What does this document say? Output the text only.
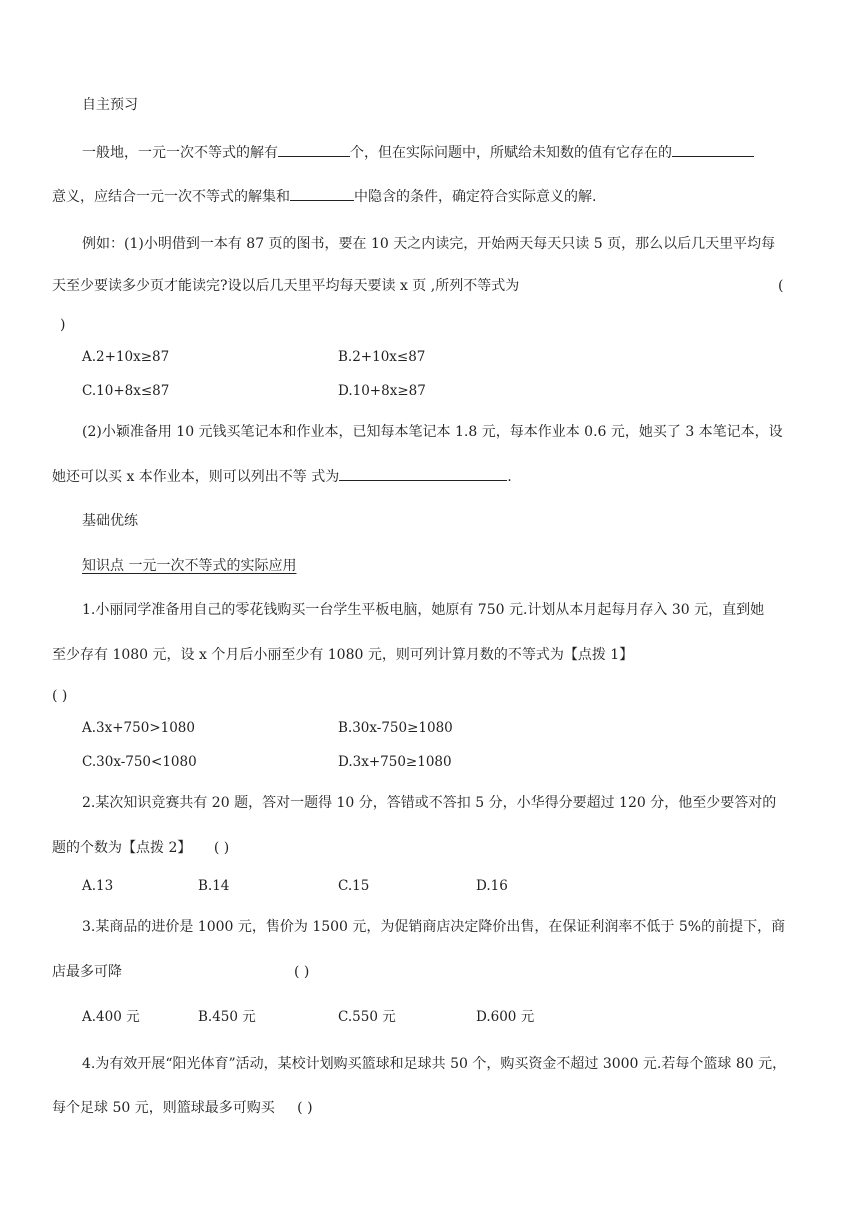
自主预习
一般地，一元一次不等式的解有	个，但在实际问题中，所赋给未知数的值有它存在的
意义，应结合一元一次不等式的解集和	中隐含的条件，确定符合实际意义的解.
例如：(1)小明借到一本有 87 页的图书，要在 10 天之内读完，开始两天每天只读 5 页，那么以后几天里平均每
天至少要读多少页才能读完?设以后几天里平均每天要读 x 页 ,所列不等式为	(
)
A.2+10x≥87	B.2+10x≤87
C.10+8x≤87	D.10+8x≥87
(2)小颖准备用 10 元钱买笔记本和作业本，已知每本笔记本 1.8 元，每本作业本 0.6 元，她买了 3 本笔记本，设
她还可以买 x 本作业本，则可以列出不等 式为	.
基础优练
知识点 一元一次不等式的实际应用
1.小丽同学准备用自己的零花钱购买一台学生平板电脑，她原有 750 元.计划从本月起每月存入 30 元，直到她
至少存有 1080 元，设 x 个月后小丽至少有 1080 元，则可列计算月数的不等式为【点拨 1】
( )
A.3x+750>1080	B.30x-750≥1080
C.30x-750<1080	D.3x+750≥1080
2.某次知识竞赛共有 20 题，答对一题得 10 分，答错或不答扣 5 分，小华得分要超过 120 分，他至少要答对的
题的个数为【点拨 2】 ( )
A.13	B.14	C.15	D.16
3.某商品的进价是 1000 元，售价为 1500 元，为促销商店决定降价出售，在保证利润率不低于 5%的前提下，商
店最多可降	( )
A.400 元	B.450 元	C.550 元	D.600 元
4.为有效开展“阳光体育”活动，某校计划购买篮球和足球共 50 个，购买资金不超过 3000 元.若每个篮球 80 元，
每个足球 50 元，则篮球最多可购买 ( )
